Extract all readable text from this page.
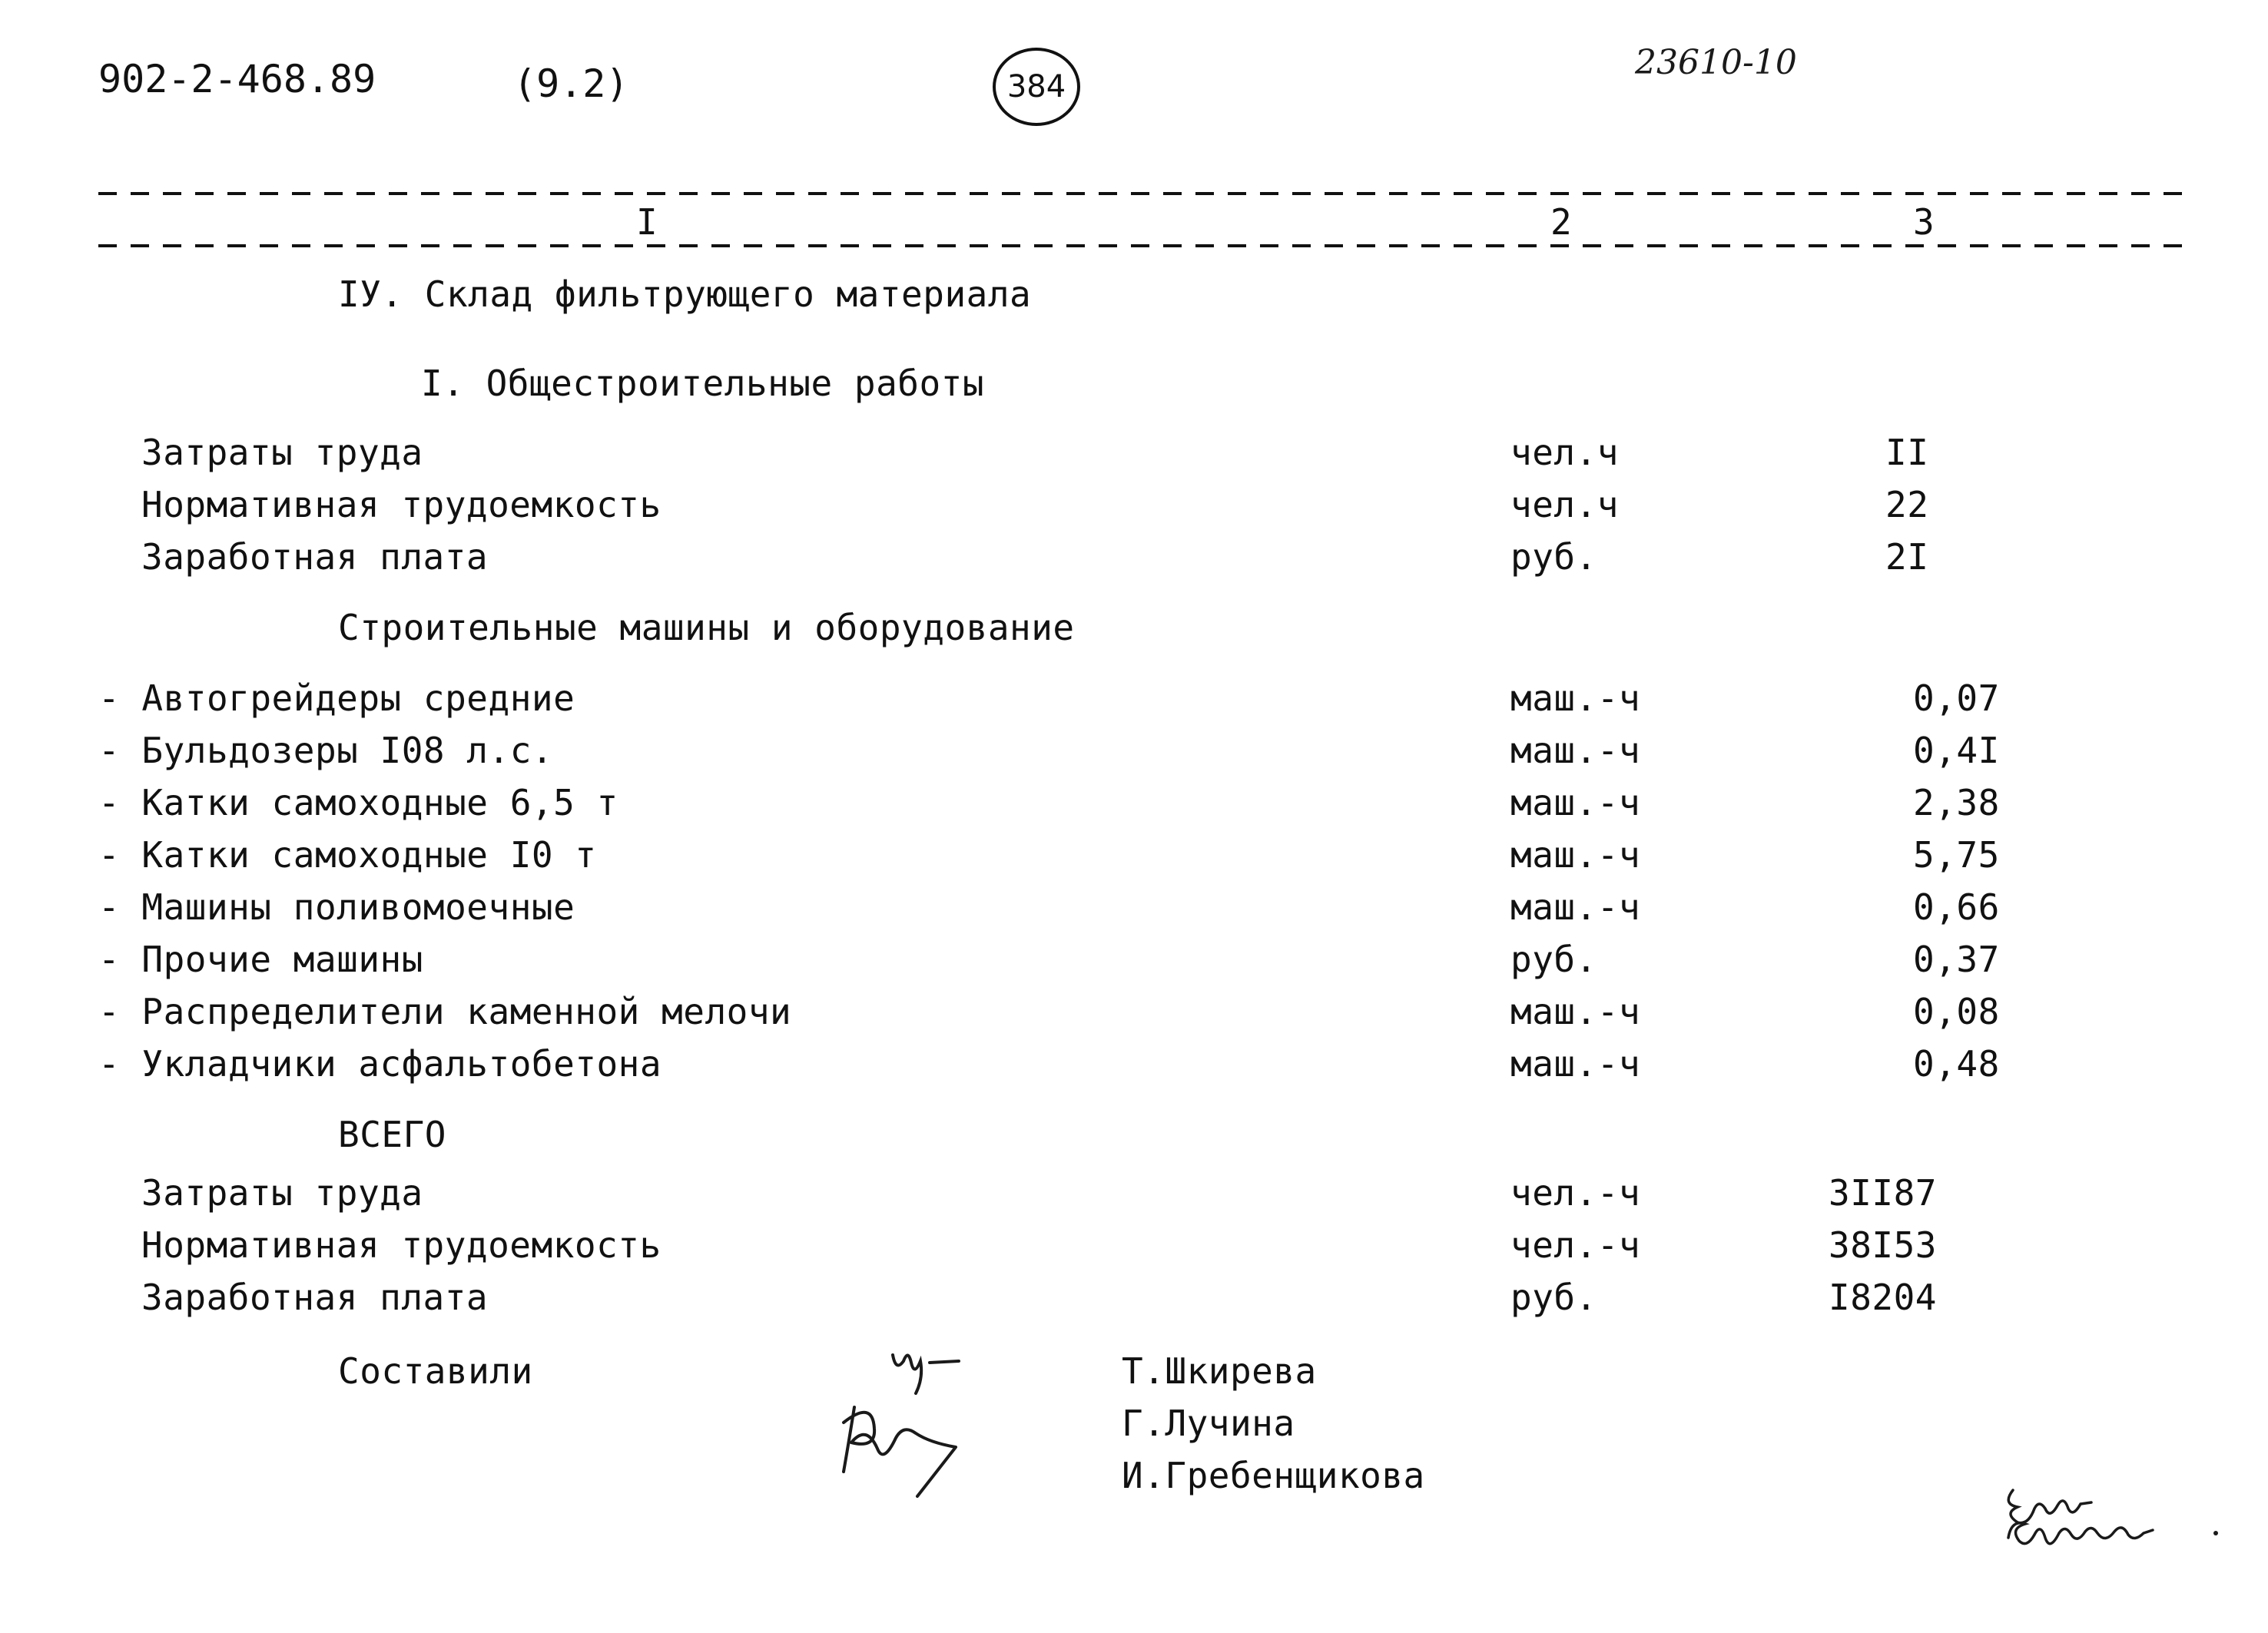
902-2-468.89	(9.2)	384
23610-10
I	2	3
IУ. Склад фильтрующего материала
I. Общестроительные работы
Затраты труда	чел.ч	II
Нормативная трудоемкость	чел.ч	22
Заработная плата	руб.	2I
Строительные машины и оборудование
- Автогрейдеры средние	маш.-ч	0,07
- Бульдозеры I08 л.с.	маш.-ч	0,4I
- Катки самоходные 6,5 т	маш.-ч	2,38
- Катки самоходные I0 т	маш.-ч	5,75
- Машины поливомоечные	маш.-ч	0,66
- Прочие машины	руб.	0,37
- Распределители каменной мелочи	маш.-ч	0,08
- Укладчики асфальтобетона	маш.-ч	0,48
ВСЕГО
Затраты труда	чел.-ч	3II87
Нормативная трудоемкость	чел.-ч	38I53
Заработная плата	руб.	I8204
Составили	Т.Шкирева
Г.Лучина
И.Гребенщикова
